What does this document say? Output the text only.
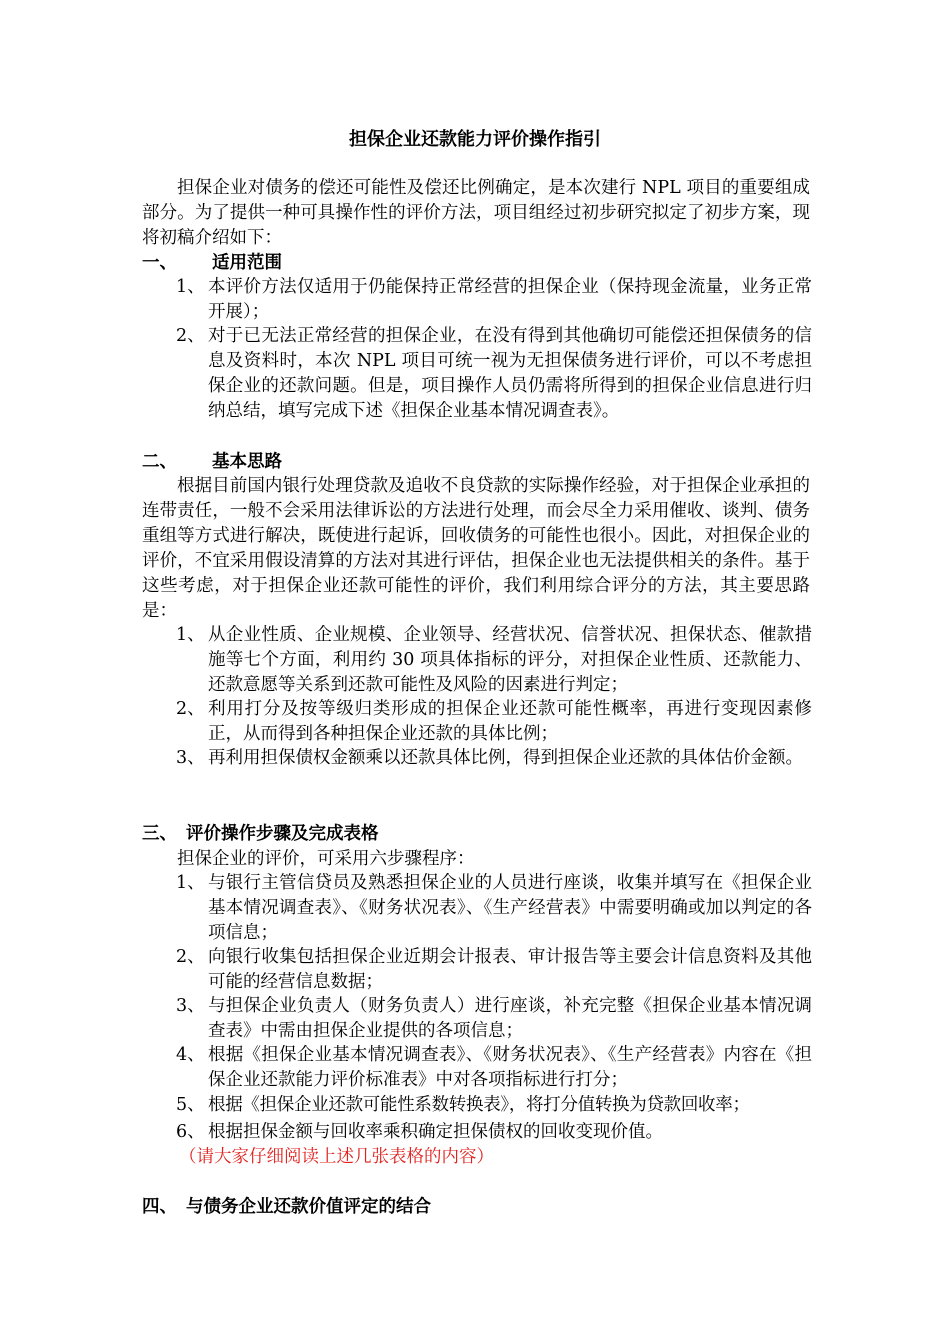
担保企业还款能力评价操作指引

担保企业对债务的偿还可能性及偿还比例确定，是本次建行 NPL 项目的重要组成部分。为了提供一种可具操作性的评价方法，项目组经过初步研究拟定了初步方案，现将初稿介绍如下：

一、 适用范围
1、 本评价方法仅适用于仍能保持正常经营的担保企业（保持现金流量，业务正常开展）；
2、 对于已无法正常经营的担保企业，在没有得到其他确切可能偿还担保债务的信息及资料时，本次 NPL 项目可统一视为无担保债务进行评价，可以不考虑担保企业的还款问题。但是，项目操作人员仍需将所得到的担保企业信息进行归纳总结，填写完成下述《担保企业基本情况调查表》。
二、 基本思路

根据目前国内银行处理贷款及追收不良贷款的实际操作经验，对于担保企业承担的连带责任，一般不会采用法律诉讼的方法进行处理，而会尽全力采用催收、谈判、债务重组等方式进行解决，既使进行起诉，回收债务的可能性也很小。因此，对担保企业的评价，不宜采用假设清算的方法对其进行评估，担保企业也无法提供相关的条件。基于这些考虑，对于担保企业还款可能性的评价，我们利用综合评分的方法，其主要思路是：

1、 从企业性质、企业规模、企业领导、经营状况、信誉状况、担保状态、催款措施等七个方面，利用约 30 项具体指标的评分，对担保企业性质、还款能力、还款意愿等关系到还款可能性及风险的因素进行判定；
2、 利用打分及按等级归类形成的担保企业还款可能性概率，再进行变现因素修正，从而得到各种担保企业还款的具体比例；
3、 再利用担保债权金额乘以还款具体比例，得到担保企业还款的具体估价金额。
三、 评价操作步骤及完成表格
担保企业的评价，可采用六步骤程序：
1、 与银行主管信贷员及熟悉担保企业的人员进行座谈，收集并填写在《担保企业基本情况调查表》、《财务状况表》、《生产经营表》中需要明确或加以判定的各项信息；
2、 向银行收集包括担保企业近期会计报表、审计报告等主要会计信息资料及其他可能的经营信息数据；
3、 与担保企业负责人（财务负责人）进行座谈，补充完整《担保企业基本情况调查表》中需由担保企业提供的各项信息；
4、 根据《担保企业基本情况调查表》、《财务状况表》、《生产经营表》内容在《担保企业还款能力评价标准表》中对各项指标进行打分；
5、 根据《担保企业还款可能性系数转换表》，将打分值转换为贷款回收率；
6、 根据担保金额与回收率乘积确定担保债权的回收变现价值。
（请大家仔细阅读上述几张表格的内容）
四、 与债务企业还款价值评定的结合
